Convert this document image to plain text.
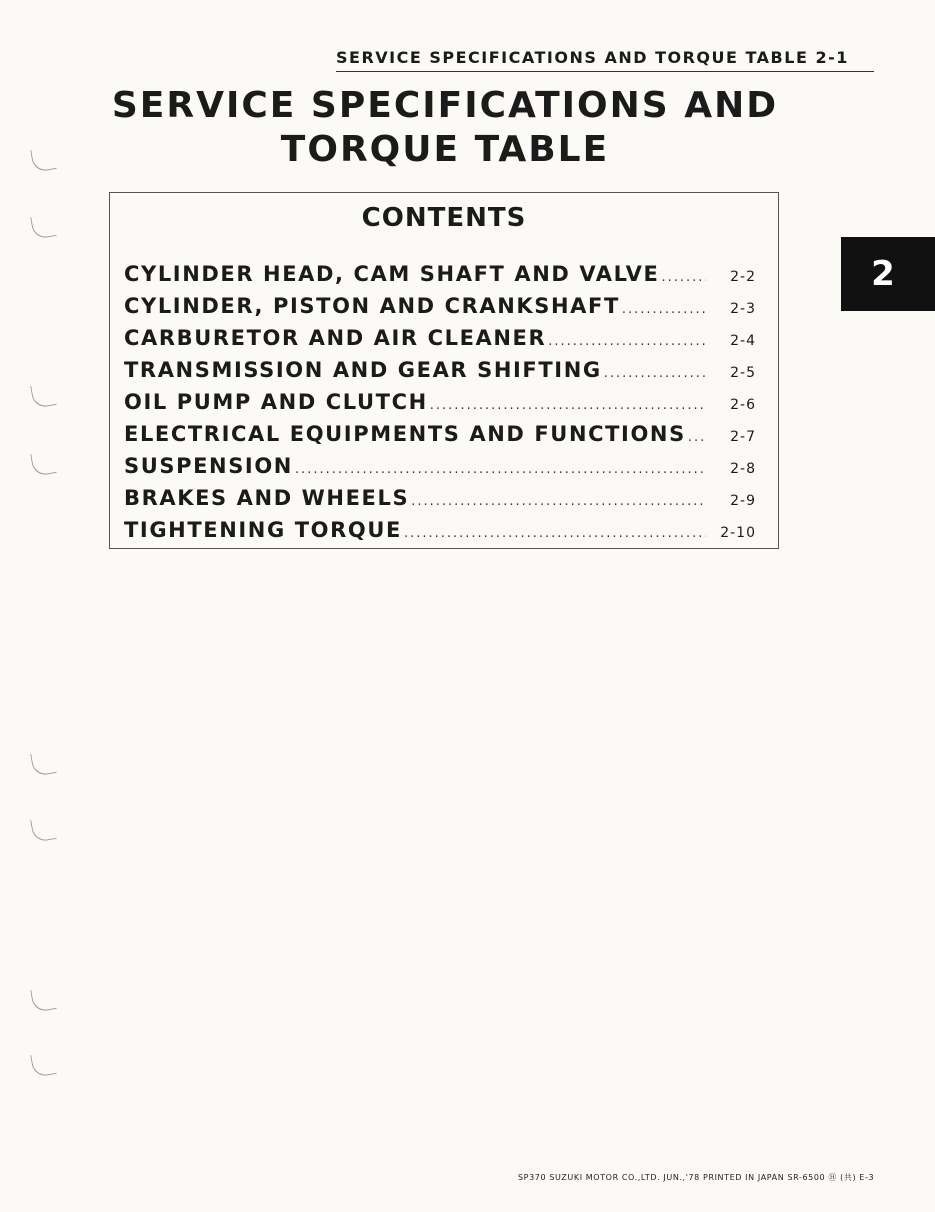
SERVICE SPECIFICATIONS AND TORQUE TABLE 2-1
SERVICE SPECIFICATIONS AND
TORQUE TABLE
CONTENTS
CYLINDER HEAD, CAM SHAFT AND VALVE .....	2-2
CYLINDER, PISTON AND CRANKSHAFT .....	2-3
CARBURETOR AND AIR CLEANER .....	2-4
TRANSMISSION AND GEAR SHIFTING .....	2-5
OIL PUMP AND CLUTCH .....	2-6
ELECTRICAL EQUIPMENTS AND FUNCTIONS .....	2-7
SUSPENSION .....	2-8
BRAKES AND WHEELS .....	2-9
TIGHTENING TORQUE .....	2-10
2
SP370 SUZUKI MOTOR CO.,LTD. JUN.,'78 PRINTED IN JAPAN SR-6500 Ⓗ (共) E-3
